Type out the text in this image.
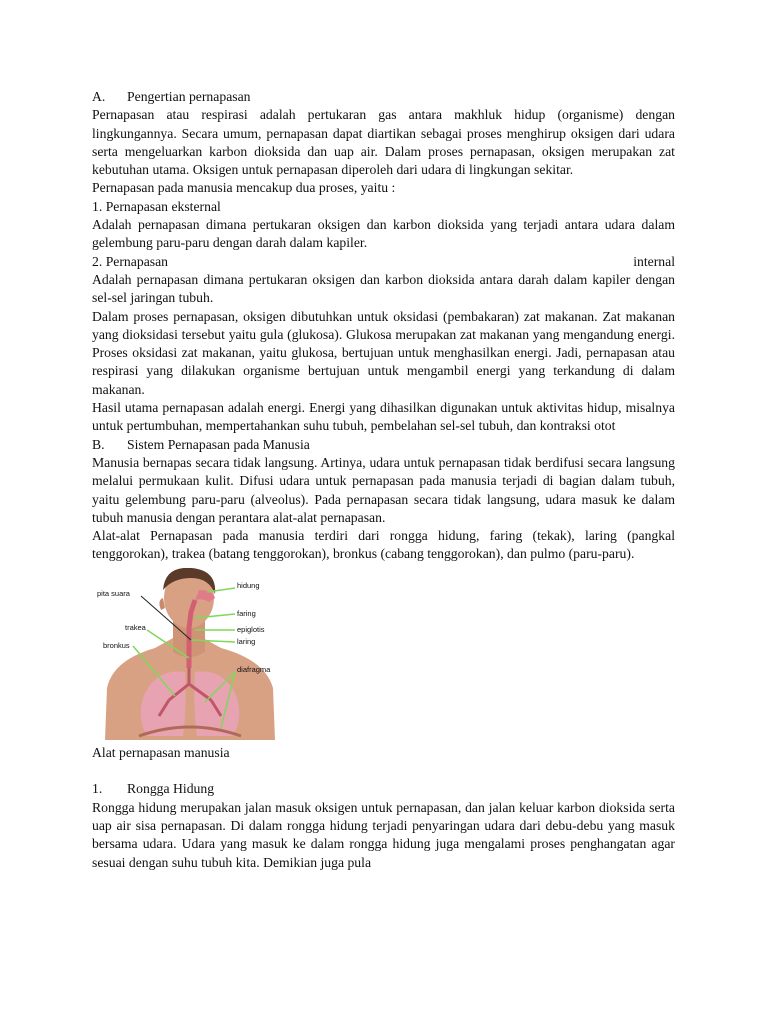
A. Pengertian pernapasan

Pernapasan atau respirasi adalah pertukaran gas antara makhluk hidup (organisme) dengan lingkungannya. Secara umum, pernapasan dapat diartikan sebagai proses menghirup oksigen dari udara serta mengeluarkan karbon dioksida dan uap air. Dalam proses pernapasan, oksigen merupakan zat kebutuhan utama. Oksigen untuk pernapasan diperoleh dari udara di lingkungan sekitar.

Pernapasan pada manusia mencakup dua proses, yaitu :

1. Pernapasan eksternal

Adalah pernapasan dimana pertukaran oksigen dan karbon dioksida yang terjadi antara udara dalam gelembung paru-paru dengan darah dalam kapiler.

2. Pernapasan	internal

Adalah pernapasan dimana pertukaran oksigen dan karbon dioksida antara darah dalam kapiler dengan sel-sel jaringan tubuh.

Dalam proses pernapasan, oksigen dibutuhkan untuk oksidasi (pembakaran) zat makanan. Zat makanan yang dioksidasi tersebut yaitu gula (glukosa). Glukosa merupakan zat makanan yang mengandung energi. Proses oksidasi zat makanan, yaitu glukosa, bertujuan untuk menghasilkan energi. Jadi, pernapasan atau respirasi yang dilakukan organisme bertujuan untuk mengambil energi yang terkandung di dalam makanan.

Hasil utama pernapasan adalah energi. Energi yang dihasilkan digunakan untuk aktivitas hidup, misalnya untuk pertumbuhan, mempertahankan suhu tubuh, pembelahan sel-sel tubuh, dan kontraksi otot

B. Sistem Pernapasan pada Manusia

Manusia bernapas secara tidak langsung. Artinya, udara untuk pernapasan tidak berdifusi secara langsung melalui permukaan kulit. Difusi udara untuk pernapasan pada manusia terjadi di bagian dalam tubuh, yaitu gelembung paru-paru (alveolus). Pada pernapasan secara tidak langsung, udara masuk ke dalam tubuh manusia dengan perantara alat-alat pernapasan.

Alat-alat Pernapasan pada manusia terdiri dari rongga hidung, faring (tekak), laring (pangkal tenggorokan), trakea (batang tenggorokan), bronkus (cabang tenggorokan), dan pulmo (paru-paru).

pita suara
hidung
faring
epiglotis
laring
trakea
bronkus
diafragma

Alat pernapasan manusia

1. Rongga Hidung

Rongga hidung merupakan jalan masuk oksigen untuk pernapasan, dan jalan keluar karbon dioksida serta uap air sisa pernapasan. Di dalam rongga hidung terjadi penyaringan udara dari debu-debu yang masuk bersama udara. Udara yang masuk ke dalam rongga hidung juga mengalami proses penghangatan agar sesuai dengan suhu tubuh kita. Demikian juga pula
